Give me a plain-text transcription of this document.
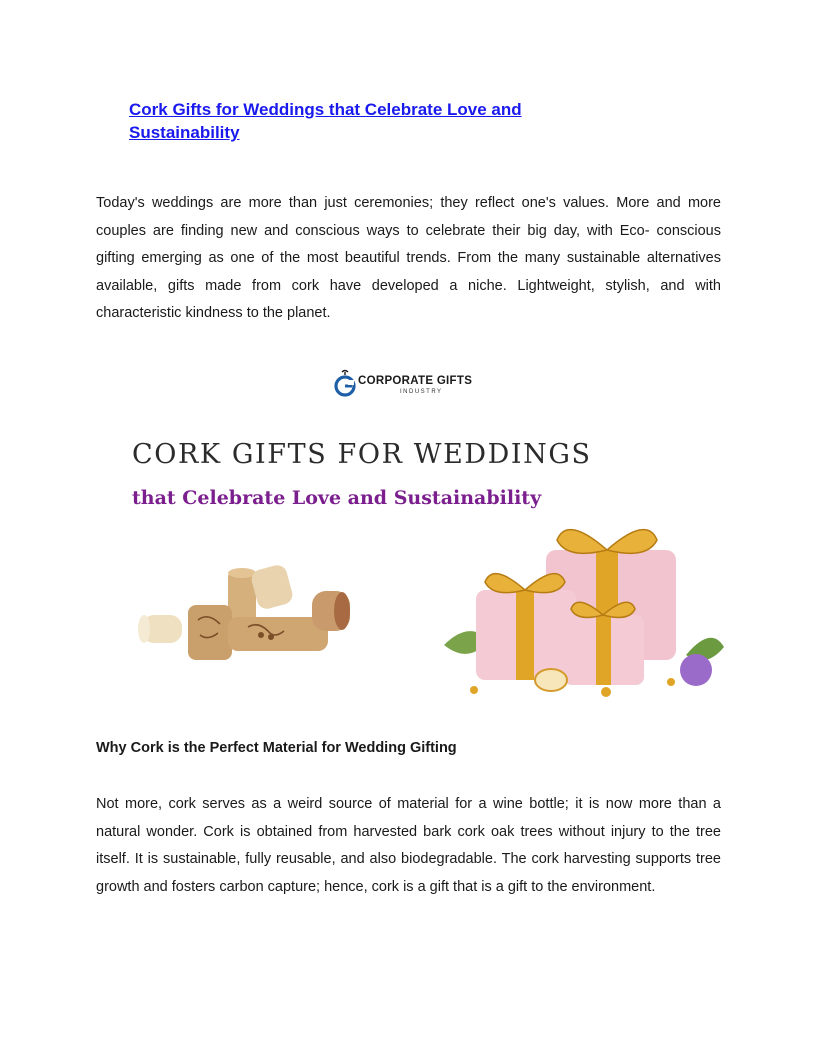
Cork Gifts for Weddings that Celebrate Love and Sustainability

Today's weddings are more than just ceremonies; they reflect one's values. More and more couples are finding new and conscious ways to celebrate their big day, with Eco- conscious gifting emerging as one of the most beautiful trends. From the many sustainable alternatives available, gifts made from cork have developed a niche. Lightweight, stylish, and with characteristic kindness to the planet.

CORPORATE GIFTS
INDUSTRY
CORK GIFTS FOR WEDDINGS
that Celebrate Love and Sustainability
Why Cork is the Perfect Material for Wedding Gifting

Not more, cork serves as a weird source of material for a wine bottle; it is now more than a natural wonder. Cork is obtained from harvested bark cork oak trees without injury to the tree itself. It is sustainable, fully reusable, and also biodegradable. The cork harvesting supports tree growth and fosters carbon capture; hence, cork is a gift that is a gift to the environment.
